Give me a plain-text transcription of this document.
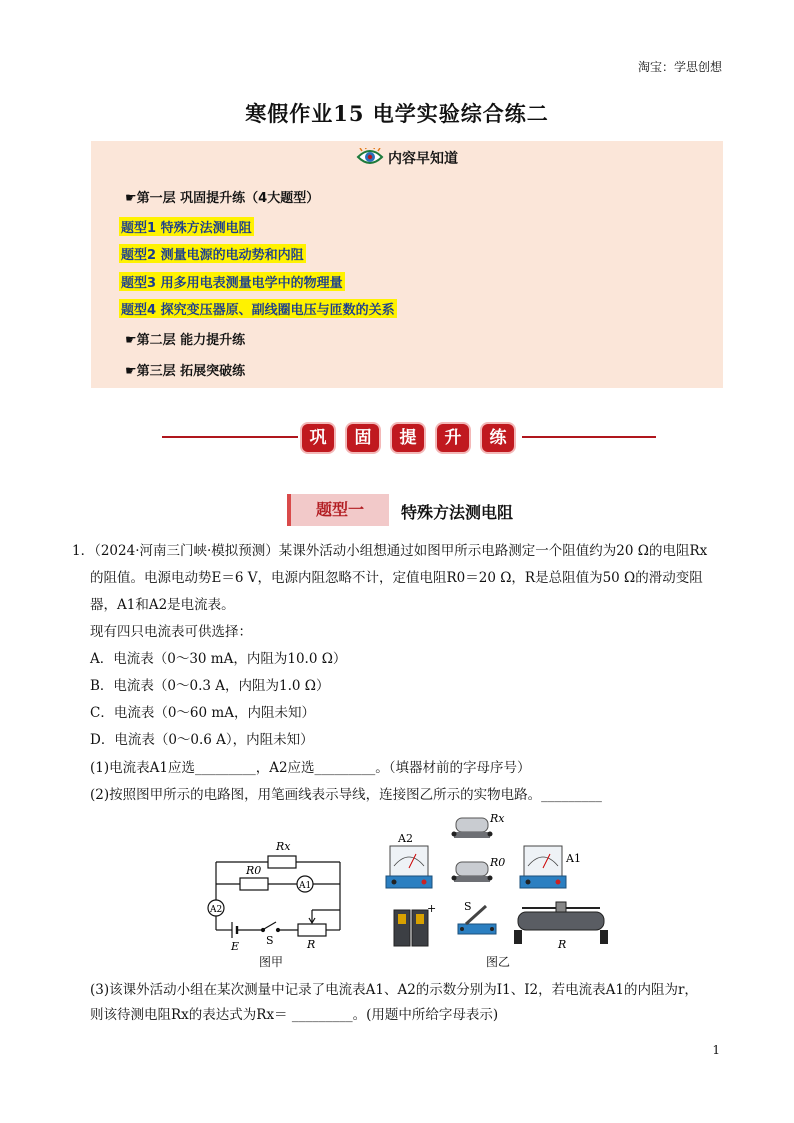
淘宝：学思创想
寒假作业15 电学实验综合练二
内容早知道
☛第一层 巩固提升练（4大题型）
题型1 特殊方法测电阻
题型2 测量电源的电动势和内阻
题型3 用多用电表测量电学中的物理量
题型4 探究变压器原、副线圈电压与匝数的关系
☛第二层 能力提升练
☛第三层 拓展突破练
巩	固	提	升	练
题型一	特殊方法测电阻
1．（2024·河南三门峡·模拟预测）某课外活动小组想通过如图甲所示电路测定一个阻值约为20 Ω的电阻Rx
的阻值。电源电动势E＝6 V，电源内阻忽略不计，定值电阻R0＝20 Ω，R是总阻值为50 Ω的滑动变阻
器，A1和A2是电流表。
现有四只电流表可供选择：
A．电流表（0～30 mA，内阻为10.0 Ω）
B．电流表（0～0.3 A，内阻为1.0 Ω）
C．电流表（0～60 mA，内阻未知）
D．电流表（0～0.6 A），内阻未知）
(1)电流表A1应选_________，A2应选_________。（填器材前的字母序号）
(2)按照图甲所示的电路图，用笔画线表示导线，连接图乙所示的实物电路。_________
Rx
R0
A1
A2
E S	R
图甲
A2
Rx
R0	A1
+	S
R
图乙
(3)该课外活动小组在某次测量中记录了电流表A1、A2的示数分别为I1、I2，若电流表A1的内阻为r，
则该待测电阻Rx的表达式为Rx＝ _________。(用题中所给字母表示)
1
